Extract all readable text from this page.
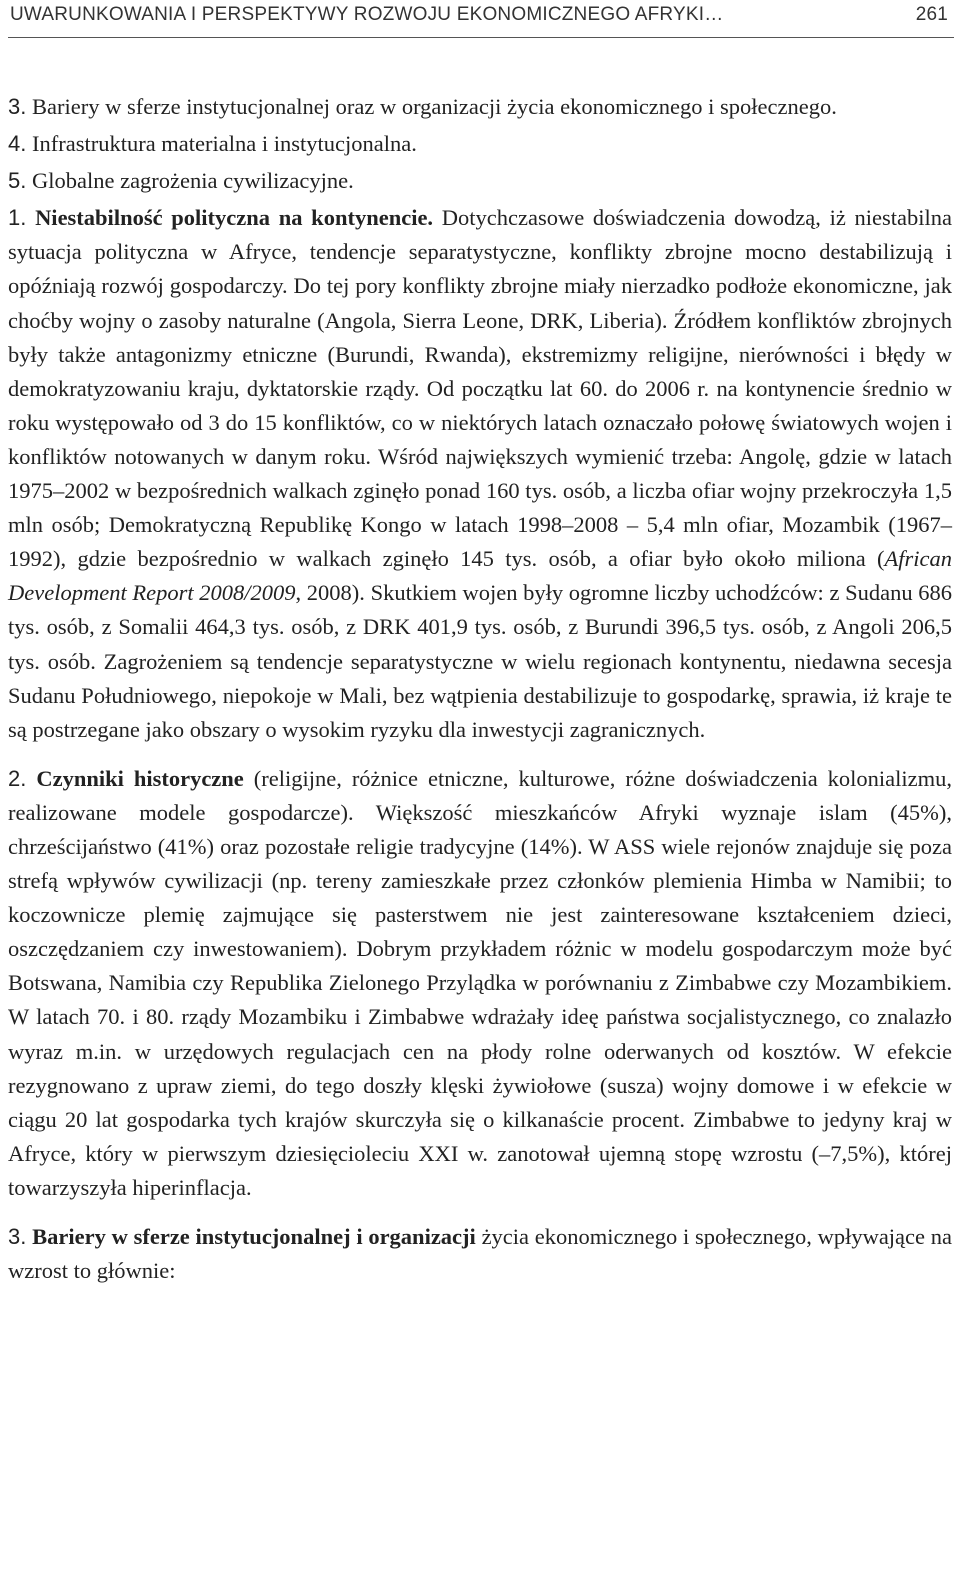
UWARUNKOWANIA I PERSPEKTYWY ROZWOJU EKONOMICZNEGO AFRYKI…	261

3. Bariery w sferze instytucjonalnej oraz w organizacji życia ekonomicznego i społecznego.

4. Infrastruktura materialna i instytucjonalna.

5. Globalne zagrożenia cywilizacyjne.

1. Niestabilność polityczna na kontynencie. Dotychczasowe doświadczenia dowodzą, iż niestabilna sytuacja polityczna w Afryce, tendencje separatystyczne, konflikty zbrojne mocno destabilizują i opóźniają rozwój gospodarczy. Do tej pory konflikty zbrojne miały nierzadko podłoże ekonomiczne, jak choćby wojny o zasoby naturalne (Angola, Sierra Leone, DRK, Liberia). Źródłem konfliktów zbrojnych były także antagonizmy etniczne (Burundi, Rwanda), ekstremizmy religijne, nierówności i błędy w demokratyzowaniu kraju, dyktatorskie rządy. Od początku lat 60. do 2006 r. na kontynencie średnio w roku występowało od 3 do 15 konfliktów, co w niektórych latach oznaczało połowę światowych wojen i konfliktów notowanych w danym roku. Wśród największych wymienić trzeba: Angolę, gdzie w latach 1975–2002 w bezpośrednich walkach zginęło ponad 160 tys. osób, a liczba ofiar wojny przekroczyła 1,5 mln osób; Demokratyczną Republikę Kongo w latach 1998–2008 – 5,4 mln ofiar, Mozambik (1967–1992), gdzie bezpośrednio w walkach zginęło 145 tys. osób, a ofiar było około miliona (African Development Report 2008/2009, 2008). Skutkiem wojen były ogromne liczby uchodźców: z Sudanu 686 tys. osób, z Somalii 464,3 tys. osób, z DRK 401,9 tys. osób, z Burundi 396,5 tys. osób, z Angoli 206,5 tys. osób. Zagrożeniem są tendencje separatystyczne w wielu regionach kontynentu, niedawna secesja Sudanu Południowego, niepokoje w Mali, bez wątpienia destabilizuje to gospodarkę, sprawia, iż kraje te są postrzegane jako obszary o wysokim ryzyku dla inwestycji zagranicznych.

2. Czynniki historyczne (religijne, różnice etniczne, kulturowe, różne doświadczenia kolonializmu, realizowane modele gospodarcze). Większość mieszkańców Afryki wyznaje islam (45%), chrześcijaństwo (41%) oraz pozostałe religie tradycyjne (14%). W ASS wiele rejonów znajduje się poza strefą wpływów cywilizacji (np. tereny zamieszkałe przez członków plemienia Himba w Namibii; to koczownicze plemię zajmujące się pasterstwem nie jest zainteresowane kształceniem dzieci, oszczędzaniem czy inwestowaniem). Dobrym przykładem różnic w modelu gospodarczym może być Botswana, Namibia czy Republika Zielonego Przylądka w porównaniu z Zimbabwe czy Mozambikiem. W latach 70. i 80. rządy Mozambiku i Zimbabwe wdrażały ideę państwa socjalistycznego, co znalazło wyraz m.in. w urzędowych regulacjach cen na płody rolne oderwanych od kosztów. W efekcie rezygnowano z upraw ziemi, do tego doszły klęski żywiołowe (susza) wojny domowe i w efekcie w ciągu 20 lat gospodarka tych krajów skurczyła się o kilkanaście procent. Zimbabwe to jedyny kraj w Afryce, który w pierwszym dziesięcioleciu XXI w. zanotował ujemną stopę wzrostu (–7,5%), której towarzyszyła hiperinflacja.

3. Bariery w sferze instytucjonalnej i organizacji życia ekonomicznego i społecznego, wpływające na wzrost to głównie:
